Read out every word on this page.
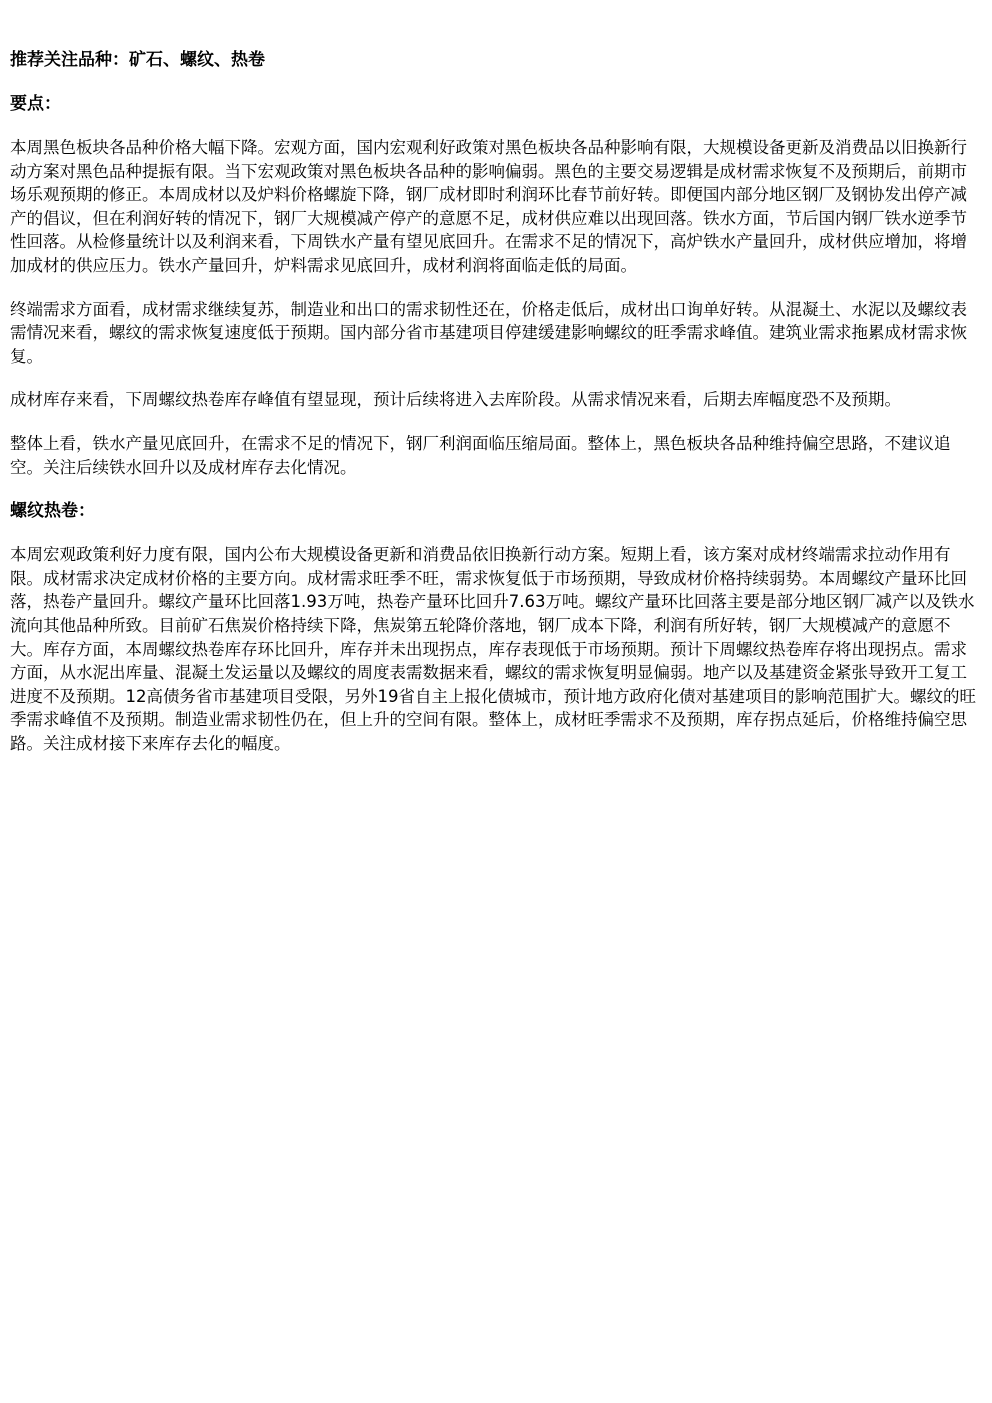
推荐关注品种：矿石、螺纹、热卷
要点：

本周黑色板块各品种价格大幅下降。宏观方面，国内宏观利好政策对黑色板块各品种影响有限，大规模设备更新及消费品以旧换新行动方案对黑色品种提振有限。当下宏观政策对黑色板块各品种的影响偏弱。黑色的主要交易逻辑是成材需求恢复不及预期后，前期市场乐观预期的修正。本周成材以及炉料价格螺旋下降，钢厂成材即时利润环比春节前好转。即便国内部分地区钢厂及钢协发出停产减产的倡议，但在利润好转的情况下，钢厂大规模减产停产的意愿不足，成材供应难以出现回落。铁水方面，节后国内钢厂铁水逆季节性回落。从检修量统计以及利润来看，下周铁水产量有望见底回升。在需求不足的情况下，高炉铁水产量回升，成材供应增加，将增加成材的供应压力。铁水产量回升，炉料需求见底回升，成材利润将面临走低的局面。

终端需求方面看，成材需求继续复苏，制造业和出口的需求韧性还在，价格走低后，成材出口询单好转。从混凝土、水泥以及螺纹表需情况来看，螺纹的需求恢复速度低于预期。国内部分省市基建项目停建缓建影响螺纹的旺季需求峰值。建筑业需求拖累成材需求恢复。

成材库存来看，下周螺纹热卷库存峰值有望显现，预计后续将进入去库阶段。从需求情况来看，后期去库幅度恐不及预期。

整体上看，铁水产量见底回升，在需求不足的情况下，钢厂利润面临压缩局面。整体上，黑色板块各品种维持偏空思路，不建议追空。关注后续铁水回升以及成材库存去化情况。

螺纹热卷：

本周宏观政策利好力度有限，国内公布大规模设备更新和消费品依旧换新行动方案。短期上看，该方案对成材终端需求拉动作用有限。成材需求决定成材价格的主要方向。成材需求旺季不旺，需求恢复低于市场预期，导致成材价格持续弱势。本周螺纹产量环比回落，热卷产量回升。螺纹产量环比回落1.93万吨，热卷产量环比回升7.63万吨。螺纹产量环比回落主要是部分地区钢厂减产以及铁水流向其他品种所致。目前矿石焦炭价格持续下降，焦炭第五轮降价落地，钢厂成本下降，利润有所好转，钢厂大规模减产的意愿不大。库存方面，本周螺纹热卷库存环比回升，库存并未出现拐点，库存表现低于市场预期。预计下周螺纹热卷库存将出现拐点。需求方面，从水泥出库量、混凝土发运量以及螺纹的周度表需数据来看，螺纹的需求恢复明显偏弱。地产以及基建资金紧张导致开工复工进度不及预期。12高债务省市基建项目受限，另外19省自主上报化债城市，预计地方政府化债对基建项目的影响范围扩大。螺纹的旺季需求峰值不及预期。制造业需求韧性仍在，但上升的空间有限。整体上，成材旺季需求不及预期，库存拐点延后，价格维持偏空思路。关注成材接下来库存去化的幅度。
